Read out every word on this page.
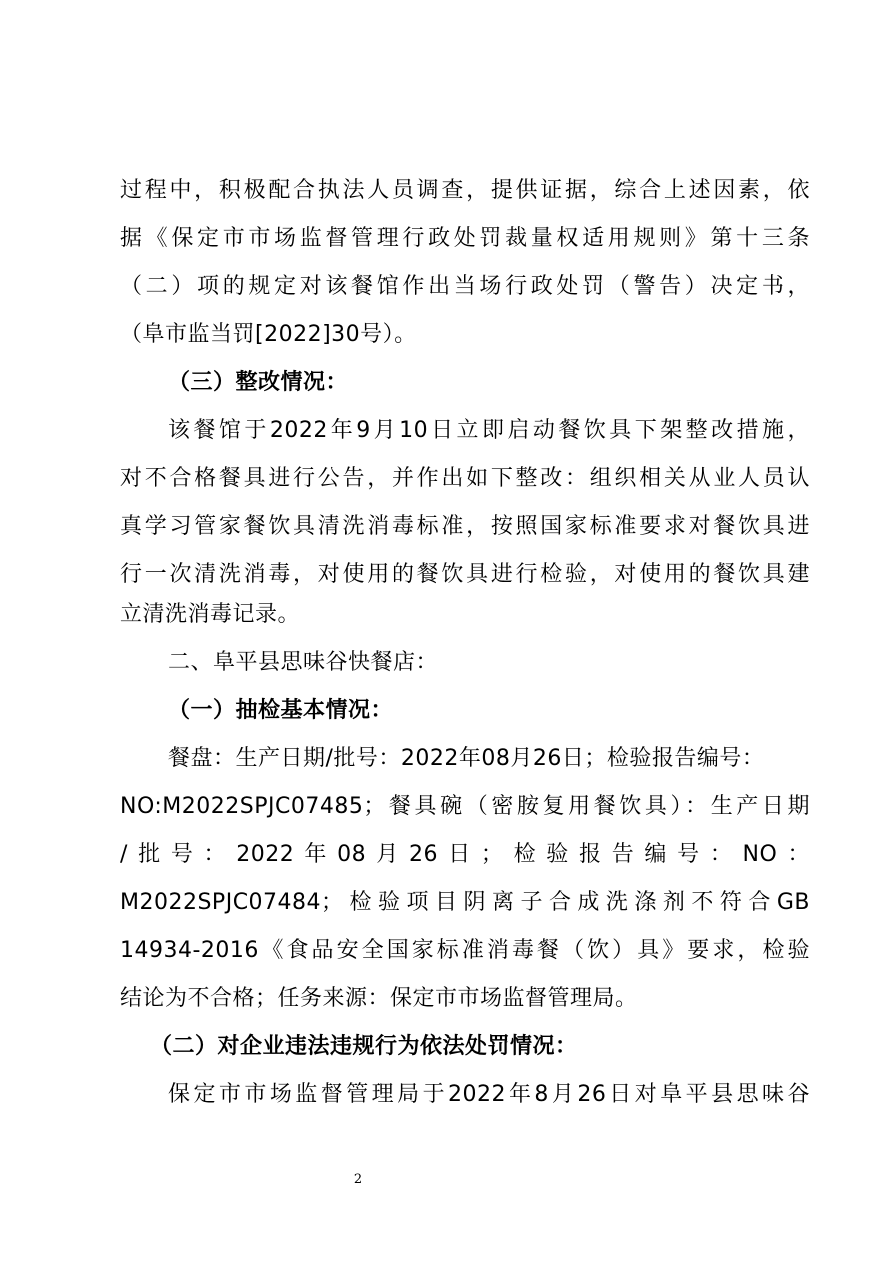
过程中，积极配合执法人员调查，提供证据，综合上述因素，依
据《保定市市场监督管理行政处罚裁量权适用规则》第十三条
（二）项的规定对该餐馆作出当场行政处罚（警告）决定书，
（阜市监当罚[2022]30号）。
（三）整改情况：
该餐馆于2022年9月10日立即启动餐饮具下架整改措施，
对不合格餐具进行公告，并作出如下整改：组织相关从业人员认
真学习管家餐饮具清洗消毒标准，按照国家标准要求对餐饮具进
行一次清洗消毒，对使用的餐饮具进行检验，对使用的餐饮具建
立清洗消毒记录。
二、阜平县思味谷快餐店：
（一）抽检基本情况：
餐盘：生产日期/批号：2022年08月26日；检验报告编号：
NO:M2022SPJC07485；餐具碗（密胺复用餐饮具）：生产日期
/批号：2022年08月26日；检验报告编号：NO：
M2022SPJC07484；检验项目阴离子合成洗涤剂不符合GB
14934-2016《食品安全国家标准消毒餐（饮）具》要求，检验
结论为不合格；任务来源：保定市市场监督管理局。
（二）对企业违法违规行为依法处罚情况：
保定市市场监督管理局于2022年8月26日对阜平县思味谷
2
